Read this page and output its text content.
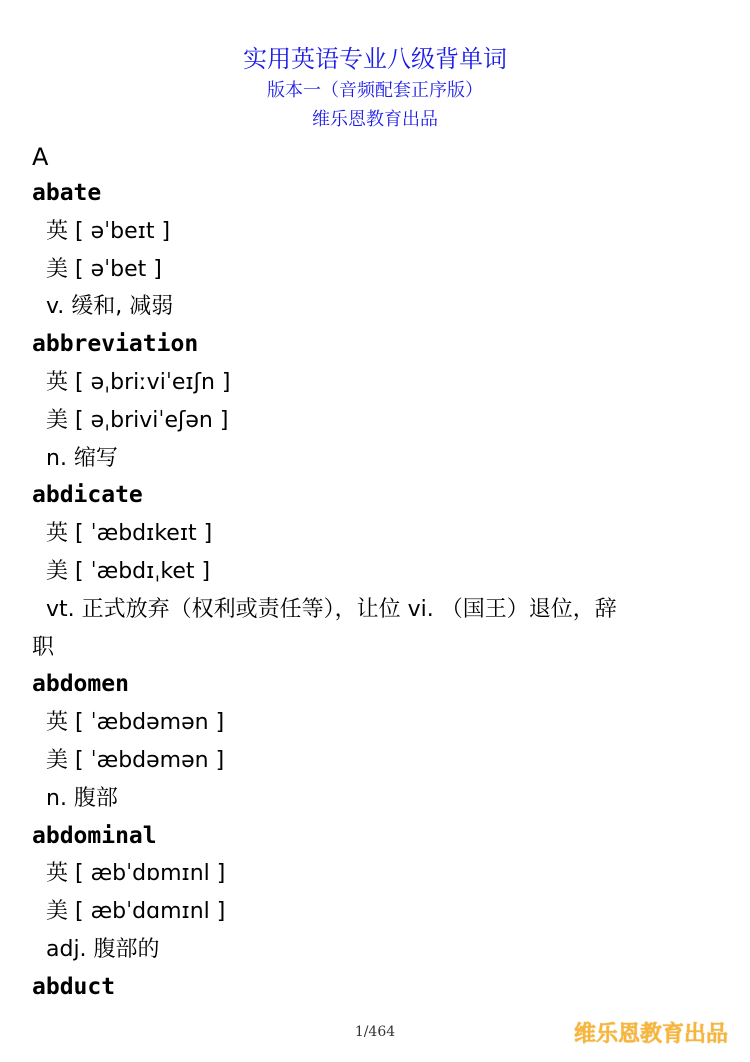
实用英语专业八级背单词
版本一（音频配套正序版）
维乐恩教育出品
A
abate
英 [ əˈbeɪt ]
美 [ əˈbet ]
v. 缓和, 减弱
abbreviation
英 [ əˌbriːviˈeɪʃn ]
美 [ əˌbriviˈeʃən ]
n. 缩写
abdicate
英 [ ˈæbdɪkeɪt ]
美 [ ˈæbdɪˌket ]
vt. 正式放弃（权利或责任等），让位 vi. （国王）退位，辞
职
abdomen
英 [ ˈæbdəmən ]
美 [ ˈæbdəmən ]
n. 腹部
abdominal
英 [ æbˈdɒmɪnl ]
美 [ æbˈdɑmɪnl ]
adj. 腹部的
abduct
1/464	维乐恩教育出品
